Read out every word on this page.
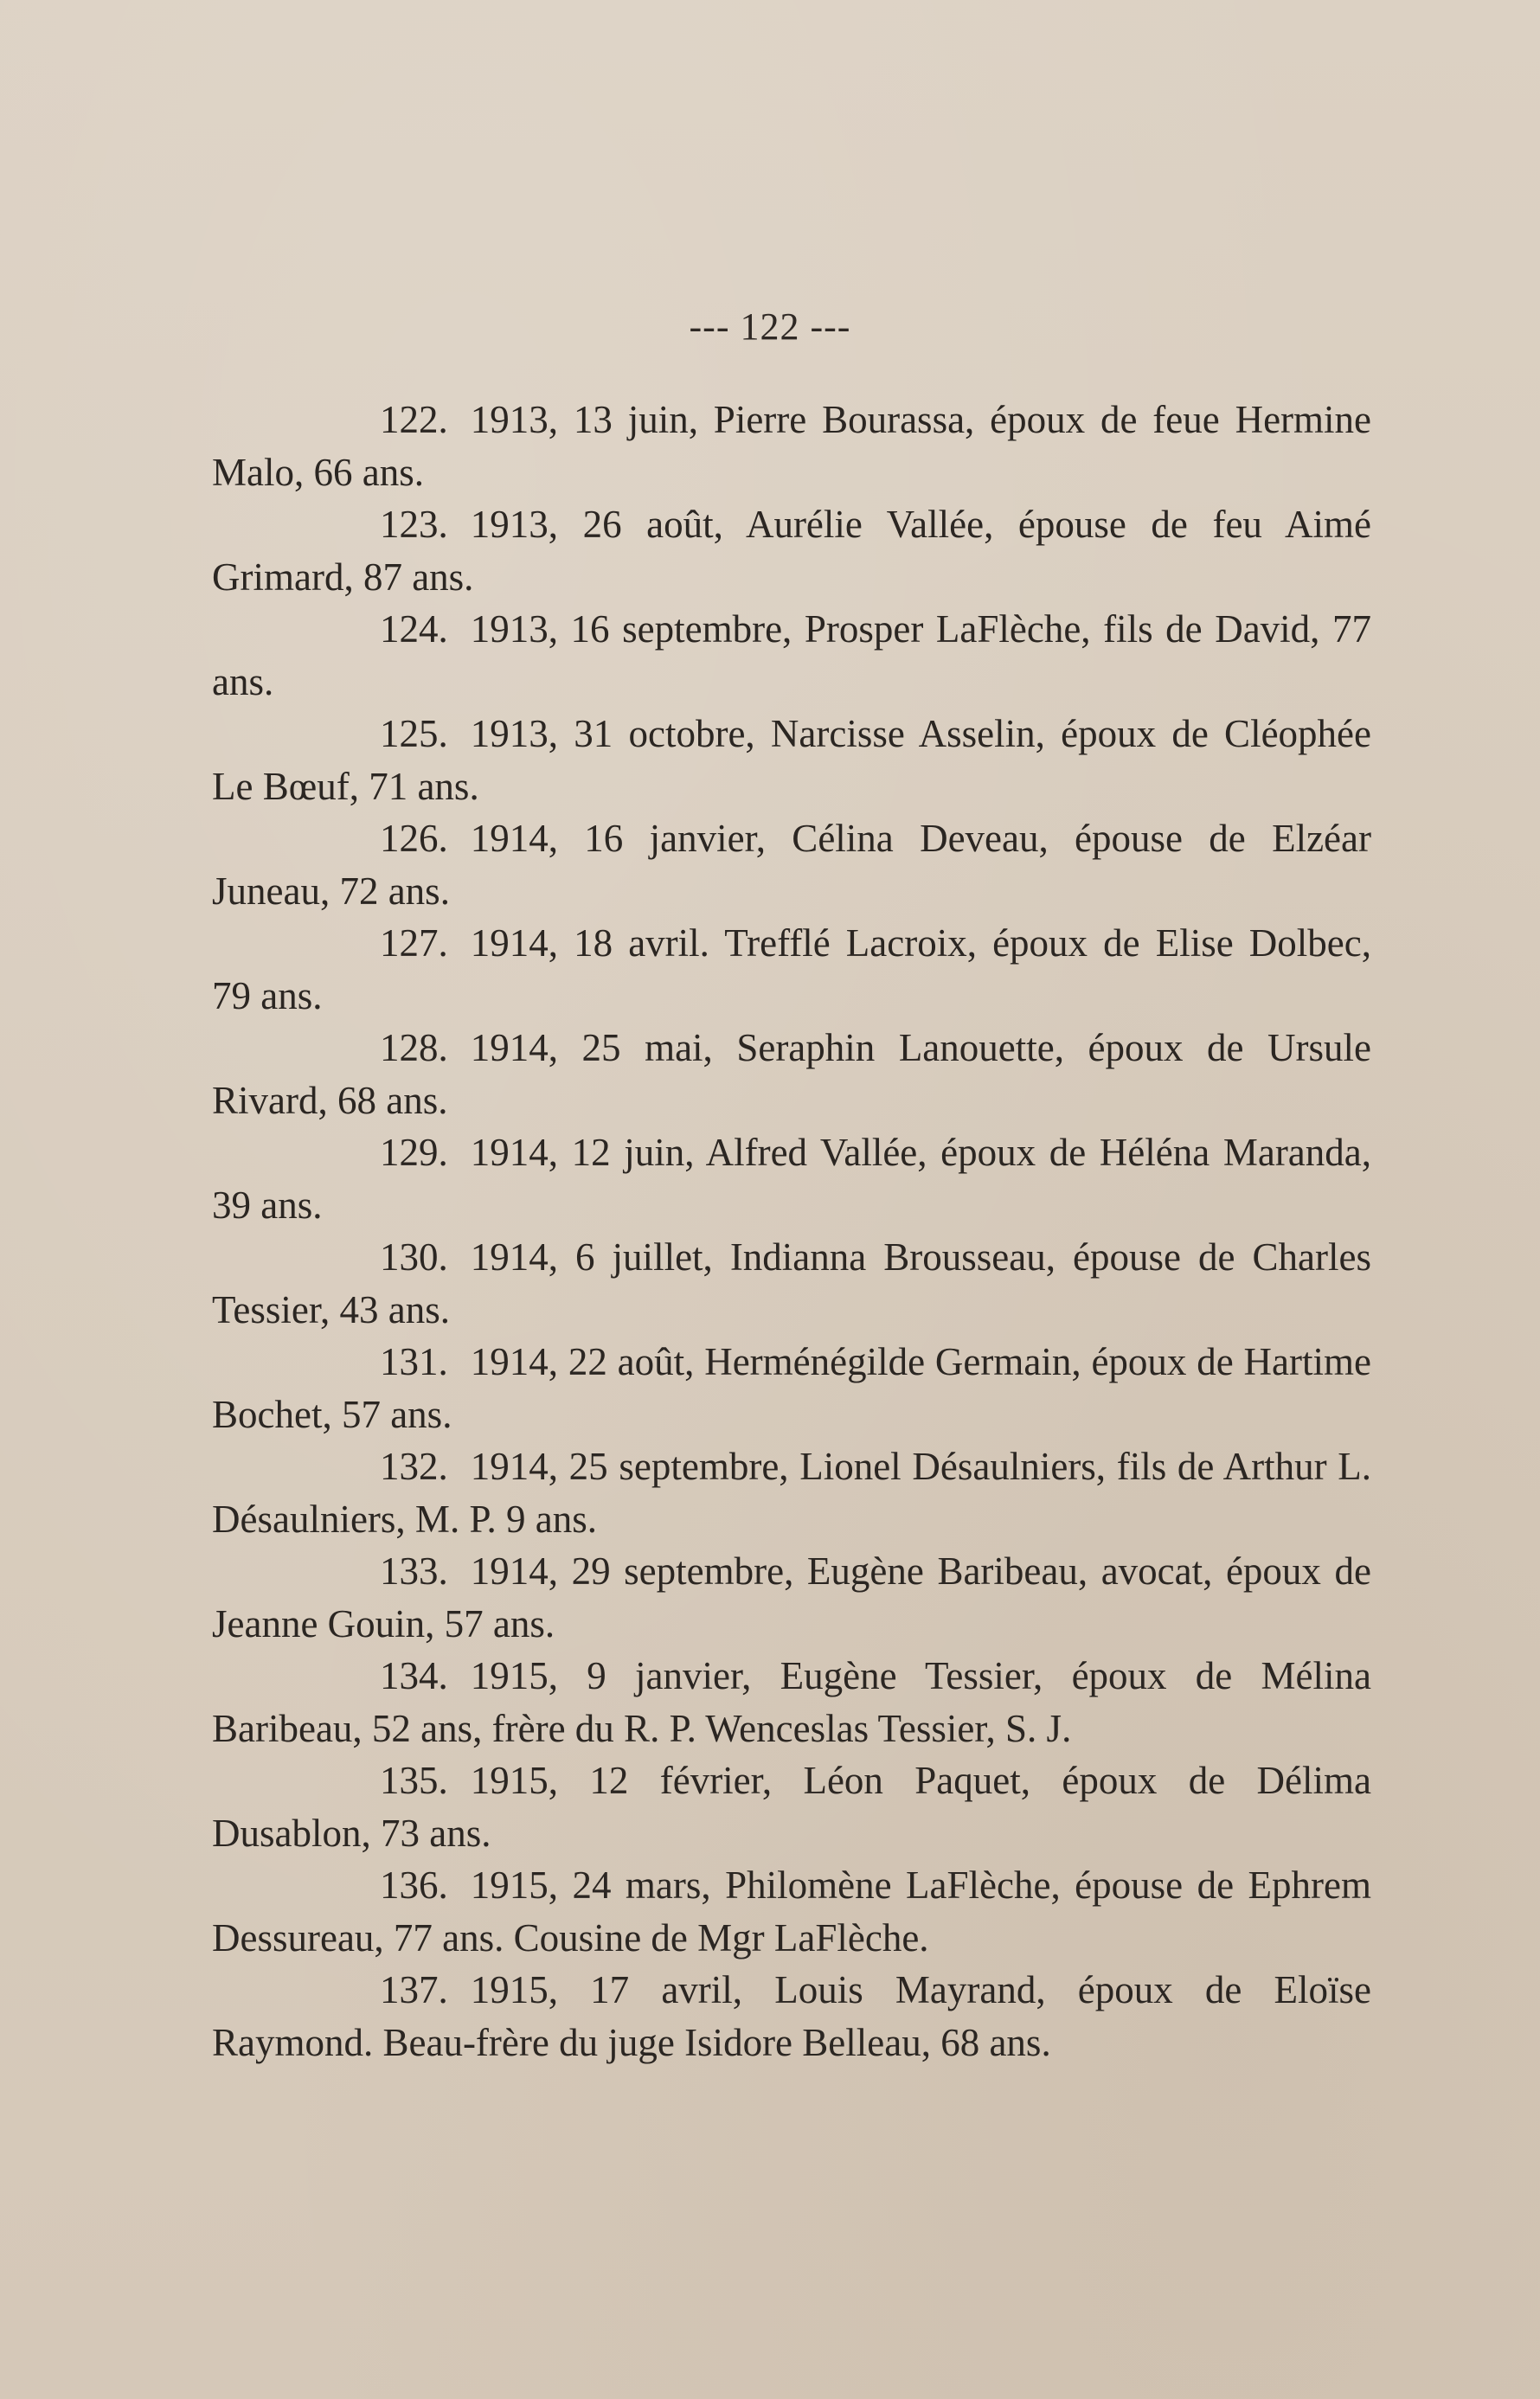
--- 122 ---

122. 1913, 13 juin, Pierre Bourassa, époux de feue Hermine Malo, 66 ans.

123. 1913, 26 août, Aurélie Vallée, épouse de feu Aimé Grimard, 87 ans.

124. 1913, 16 septembre, Prosper LaFlèche, fils de David, 77 ans.

125. 1913, 31 octobre, Narcisse Asselin, époux de Cléophée Le Bœuf, 71 ans.

126. 1914, 16 janvier, Célina Deveau, épouse de Elzéar Juneau, 72 ans.

127. 1914, 18 avril. Trefflé Lacroix, époux de Elise Dolbec, 79 ans.

128. 1914, 25 mai, Seraphin Lanouette, époux de Ursule Rivard, 68 ans.

129. 1914, 12 juin, Alfred Vallée, époux de Héléna Maranda, 39 ans.

130. 1914, 6 juillet, Indianna Brousseau, épouse de Charles Tessier, 43 ans.

131. 1914, 22 août, Herménégilde Germain, époux de Hartime Bochet, 57 ans.

132. 1914, 25 septembre, Lionel Désaulniers, fils de Arthur L. Désaulniers, M. P. 9 ans.

133. 1914, 29 septembre, Eugène Baribeau, avocat, époux de Jeanne Gouin, 57 ans.

134. 1915, 9 janvier, Eugène Tessier, époux de Mélina Baribeau, 52 ans, frère du R. P. Wenceslas Tessier, S. J.

135. 1915, 12 février, Léon Paquet, époux de Délima Dusablon, 73 ans.

136. 1915, 24 mars, Philomène LaFlèche, épouse de Ephrem Dessureau, 77 ans. Cousine de Mgr LaFlèche.

137. 1915, 17 avril, Louis Mayrand, époux de Eloïse Raymond. Beau-frère du juge Isidore Belleau, 68 ans.
